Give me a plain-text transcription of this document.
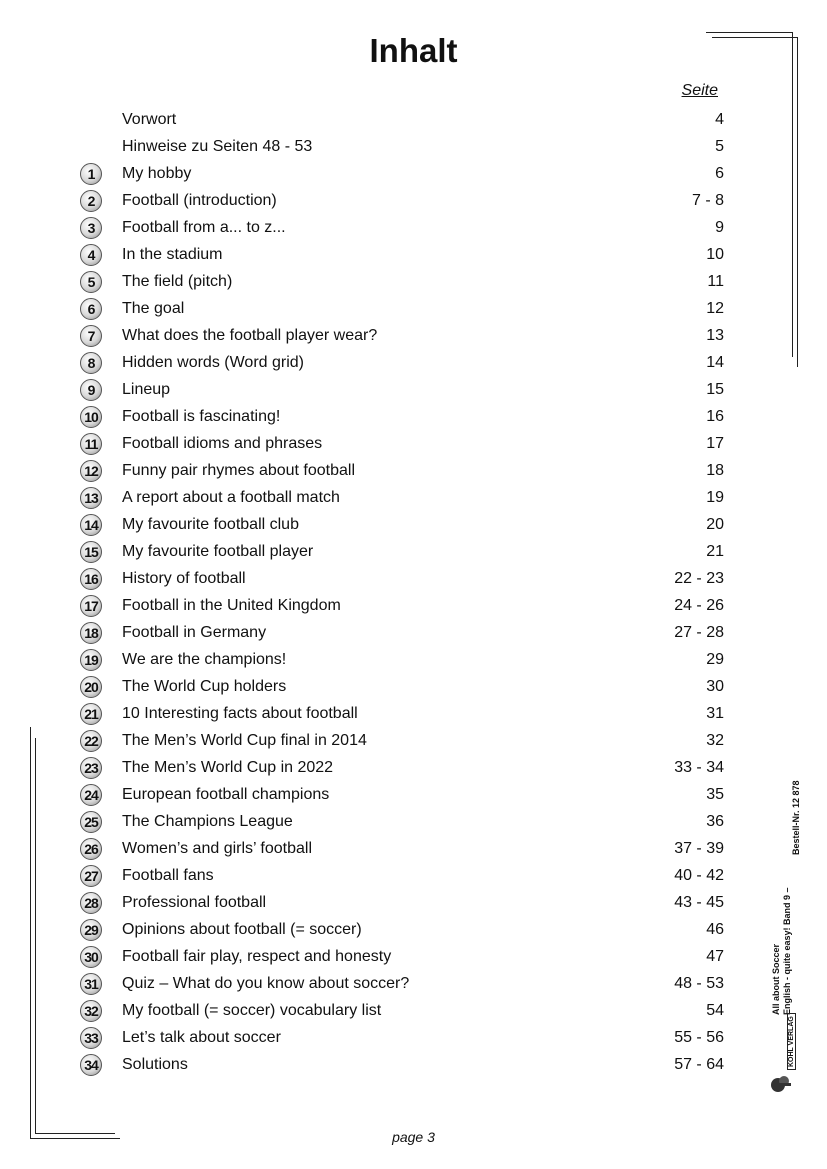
Inhalt
Seite
Vorwort	4
Hinweise zu Seiten 48 - 53	5
1	My hobby	6
2	Football (introduction)	7 - 8
3	Football from a... to z...	9
4	In the stadium	10
5	The field (pitch)	11
6	The goal	12
7	What does the football player wear?	13
8	Hidden words (Word grid)	14
9	Lineup	15
10 Football is fascinating!	16
11 Football idioms and phrases	17
12 Funny pair rhymes about football	18
13 A report about a football match	19
14 My favourite football club	20
15 My favourite football player	21
16 History of football	22 - 23
17 Football in the United Kingdom	24 - 26
18 Football in Germany	27 - 28
19 We are the champions!	29
20 The World Cup holders	30
21 10 Interesting facts about football	31
22 The Men’s World Cup final in 2014	32
23 The Men’s World Cup in 2022	33 - 34
24 European football champions	35
25 The Champions League	36
26 Women’s and girls’ football	37 - 39
27 Football fans	40 - 42
28 Professional football	43 - 45
29 Opinions about football (= soccer)	46
30 Football fair play, respect and honesty	47
31 Quiz – What do you know about soccer?	48 - 53
32 My football (= soccer) vocabulary list	54
33 Let’s talk about soccer	55 - 56
34 Solutions	57 - 64
Bestell-Nr. 12 878
All about Soccer English - quite easy! Band 9 –
KOHL VERLAG
page 3
